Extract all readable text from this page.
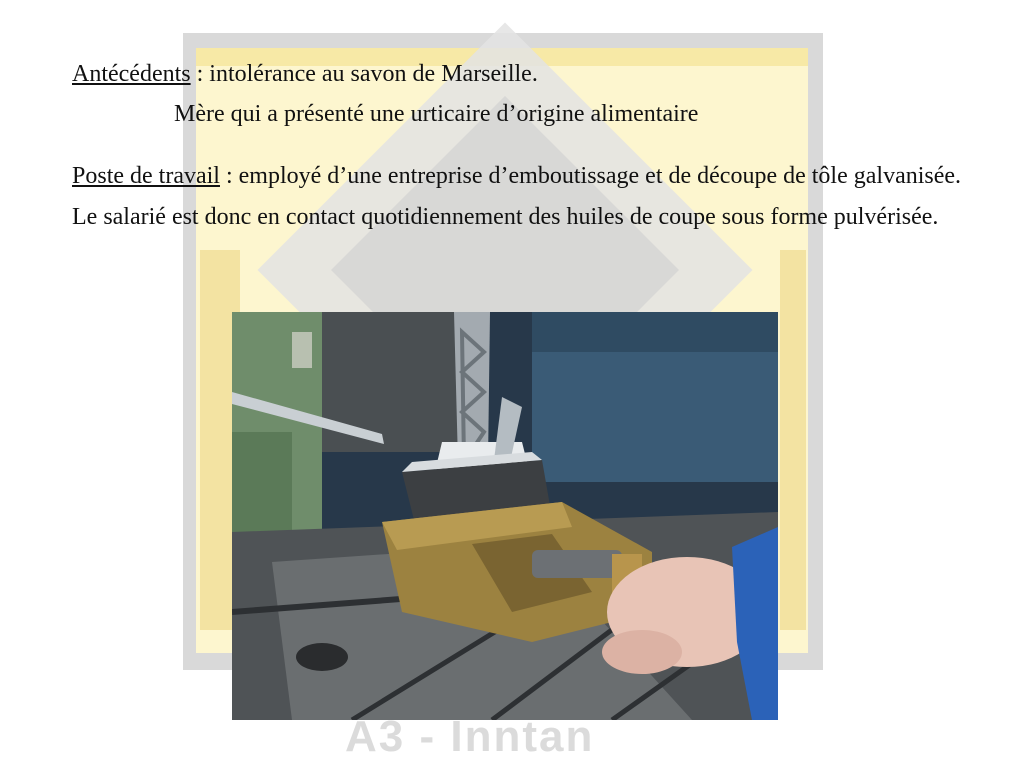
Antécédents : intolérance au savon de Marseille.
Mère qui a présenté une urticaire d’origine alimentaire
Poste de travail : employé d’une entreprise d’emboutissage et de découpe de tôle galvanisée. Le salarié est donc en contact quotidiennement des huiles de coupe sous forme pulvérisée.
A3 - Inntan
